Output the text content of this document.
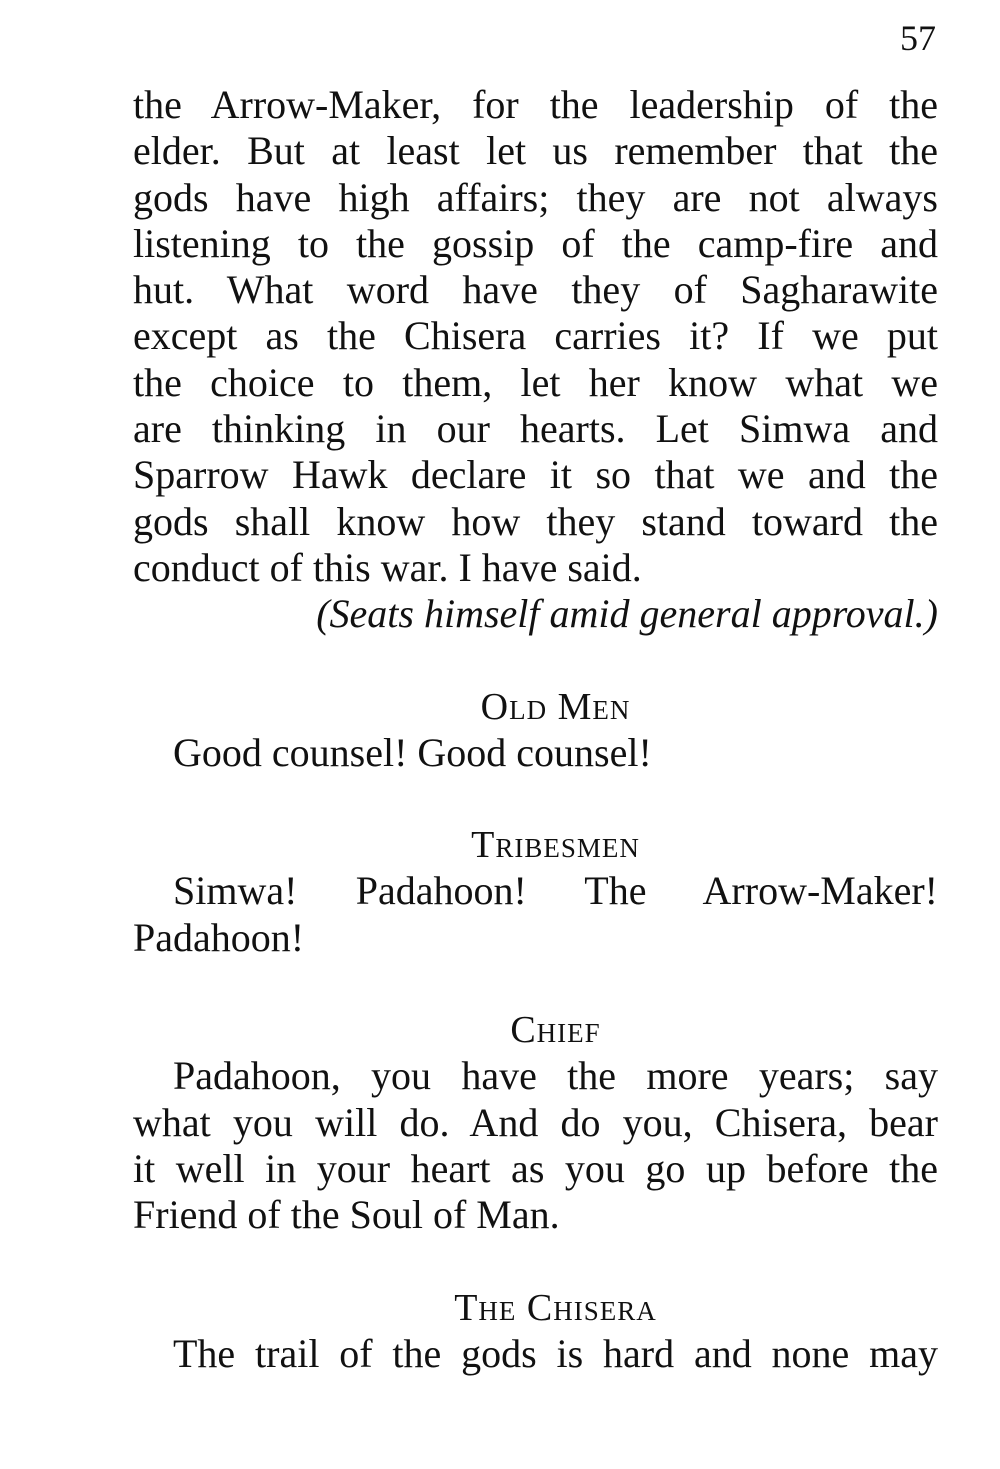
57
the Arrow-Maker, for the leadership of the
elder. But at least let us remember that the
gods have high affairs; they are not always
listening to the gossip of the camp-fire and
hut. What word have they of Sagharawite
except as the Chisera carries it? If we put
the choice to them, let her know what we
are thinking in our hearts. Let Simwa and
Sparrow Hawk declare it so that we and the
gods shall know how they stand toward the
conduct of this war. I have said.

(Seats himself amid general approval.)

Old Men

Good counsel! Good counsel!

Tribesmen

Simwa! Padahoon! The Arrow-Maker!
Padahoon!

Chief

Padahoon, you have the more years; say
what you will do. And do you, Chisera, bear
it well in your heart as you go up before the
Friend of the Soul of Man.

The Chisera

The trail of the gods is hard and none may
